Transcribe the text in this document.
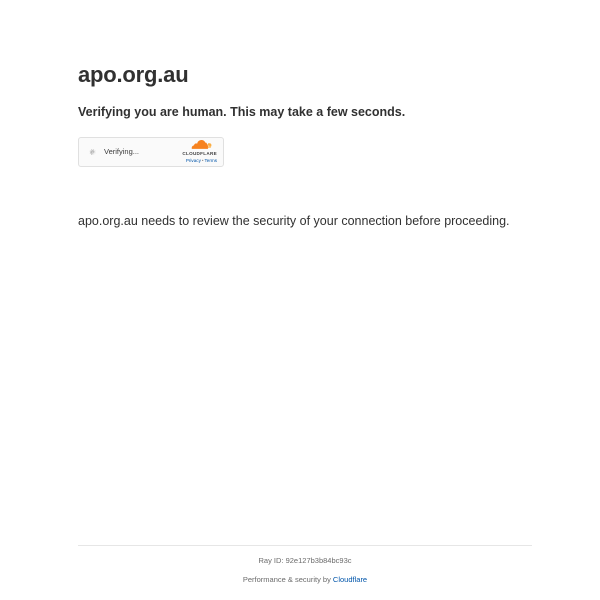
apo.org.au

Verifying you are human. This may take a few seconds.

Verifying...	CLOUDFLARE
Privacy•Terms
apo.org.au needs to review the security of your connection before proceeding.
Ray ID: 92e127b3b84bc93c
Performance & security by Cloudflare
